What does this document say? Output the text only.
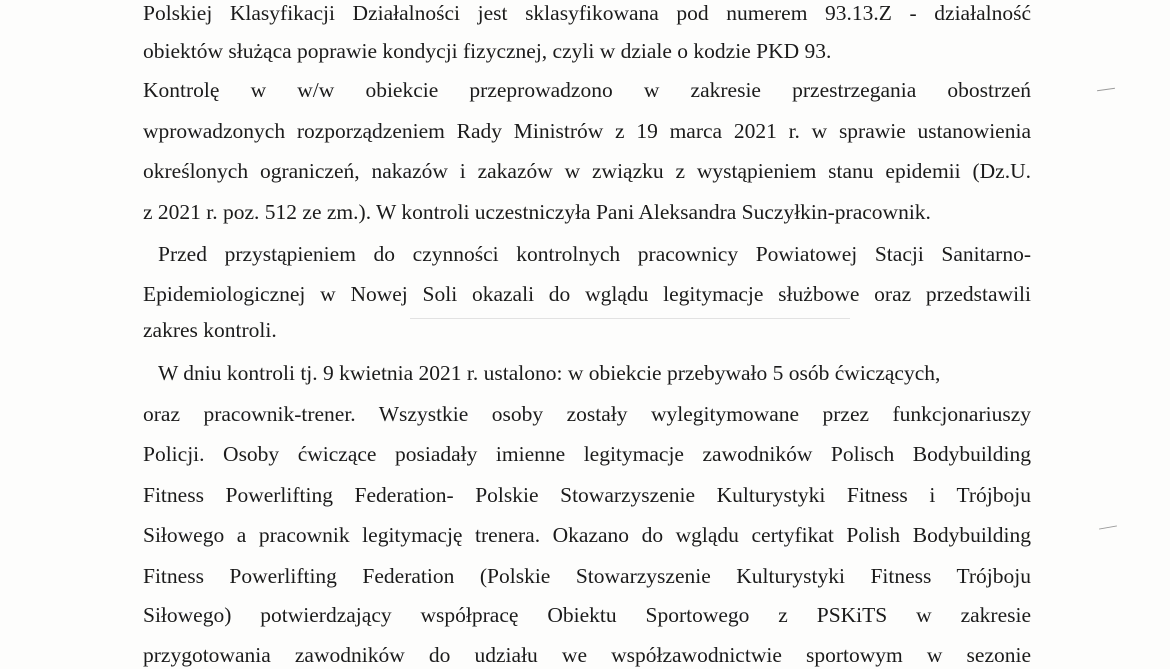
Polskiej Klasyfikacji Działalności jest sklasyfikowana pod numerem 93.13.Z - działalność
obiektów służąca poprawie kondycji fizycznej, czyli w dziale o kodzie PKD 93.
Kontrolę w w/w obiekcie przeprowadzono w zakresie przestrzegania obostrzeń
wprowadzonych rozporządzeniem Rady Ministrów z 19 marca 2021 r. w sprawie ustanowienia
określonych ograniczeń, nakazów i zakazów w związku z wystąpieniem stanu epidemii (Dz.U.
z 2021 r. poz. 512 ze zm.). W kontroli uczestniczyła Pani Aleksandra Suczyłkin-pracownik.
Przed przystąpieniem do czynności kontrolnych pracownicy Powiatowej Stacji Sanitarno-
Epidemiologicznej w Nowej Soli okazali do wglądu legitymacje służbowe oraz przedstawili
zakres kontroli.
W dniu kontroli tj. 9 kwietnia 2021 r. ustalono: w obiekcie przebywało 5 osób ćwiczących,
oraz pracownik-trener. Wszystkie osoby zostały wylegitymowane przez funkcjonariuszy
Policji. Osoby ćwiczące posiadały imienne legitymacje zawodników Polisch Bodybuilding
Fitness Powerlifting Federation- Polskie Stowarzyszenie Kulturystyki Fitness i Trójboju
Siłowego a pracownik legitymację trenera. Okazano do wglądu certyfikat Polish Bodybuilding
Fitness Powerlifting Federation (Polskie Stowarzyszenie Kulturystyki Fitness Trójboju
Siłowego) potwierdzający współpracę Obiektu Sportowego z PSKiTS w zakresie
przygotowania zawodników do udziału we współzawodnictwie sportowym w sezonie
